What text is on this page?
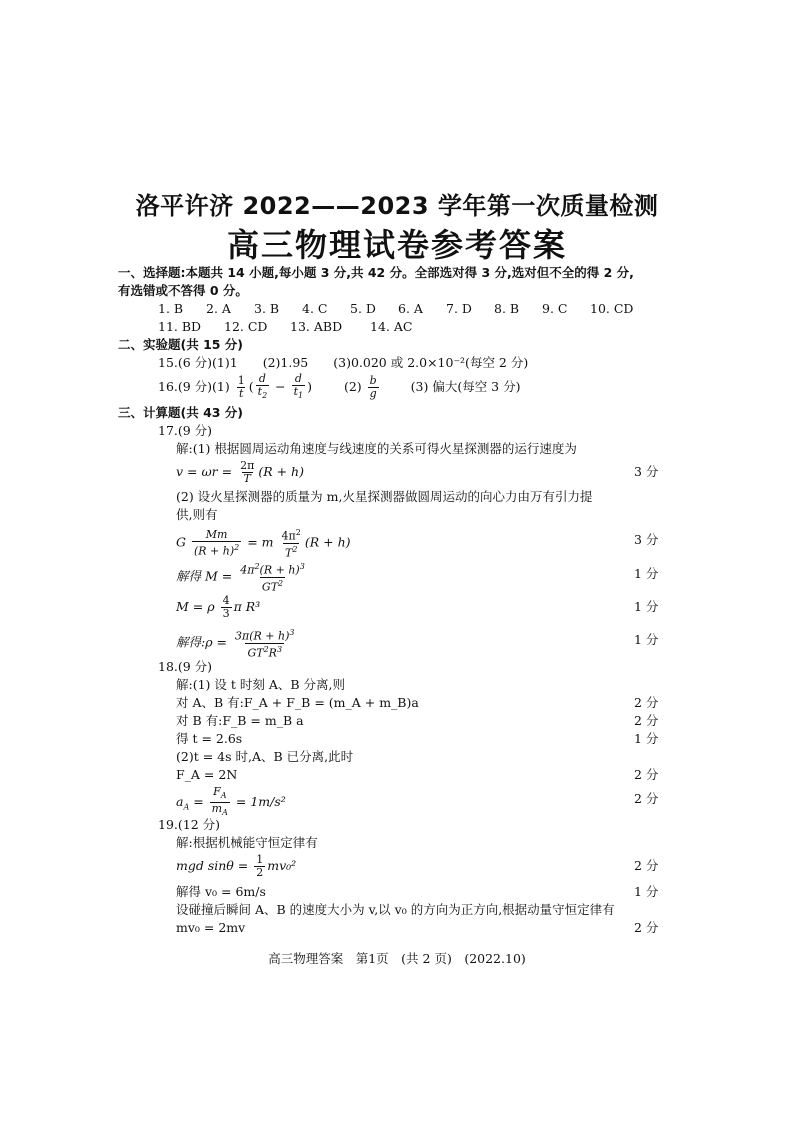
洛平许济 2022——2023 学年第一次质量检测
高三物理试卷参考答案
一、选择题:本题共 14 小题,每小题 3 分,共 42 分。全部选对得 3 分,选对但不全的得 2 分,
有选错或不答得 0 分。
1. B 2. A 3. B 4. C 5. D 6. A 7. D 8. B 9. C 10. CD
11. BD 12. CD 13. ABD 14. AC
二、实验题(共 15 分)
15.(6 分)(1)1　　(2)1.95　　(3)0.020 或 2.0×10⁻²(每空 2 分)
16.(9 分)$(1) \frac{1}{t}$ ( $\frac{d}{t_2} - \frac{d}{t_1}$ )  $(2) \frac{b}{g}$	(3) 偏大(每空 3 分)
三、计算题(共 43 分)
17.(9 分)
解:(1) 根据圆周运动角速度与线速度的关系可得火星探测器的运行速度为
$v = \omega r = \frac{2\pi}{T} (R + h)$	3 分
(2) 设火星探测器的质量为 m,火星探测器做圆周运动的向心力由万有引力提
供,则有
G $\frac{Mm}{(R + h)^2} = m \frac{4\pi^2}{T^2} (R + h)$	3 分
解得 $M = \frac{4\pi^2(R + h)^3}{GT^2}$	1 分
M = ρ $\frac{4}{3}$ π R³	1 分
解得:ρ = $\frac{3\pi(R + h)^3}{GT^2R^3}$	1 分
18.(9 分)
解:(1) 设 t 时刻 A、B 分离,则
对 A、B 有:F_A + F_B = (m_A + m_B)a	2 分
对 B 有:F_B = m_B a	2 分
得 t = 2.6s	1 分
(2)t = 4s 时,A、B 已分离,此时
F_A = 2N	2 分
$a_A = \frac{F_A}{m_A} = 1m/s^2$	2 分
19.(12 分)
解:根据机械能守恒定律有
mgd $\sin\theta = \frac{1}{2} mv_0^2$	2 分
解得 v₀ = 6m/s	1 分
设碰撞后瞬间 A、B 的速度大小为 v,以 v₀ 的方向为正方向,根据动量守恒定律有
mv₀ = 2mv	2 分
高三物理答案　第1页　(共 2 页)　(2022.10)
